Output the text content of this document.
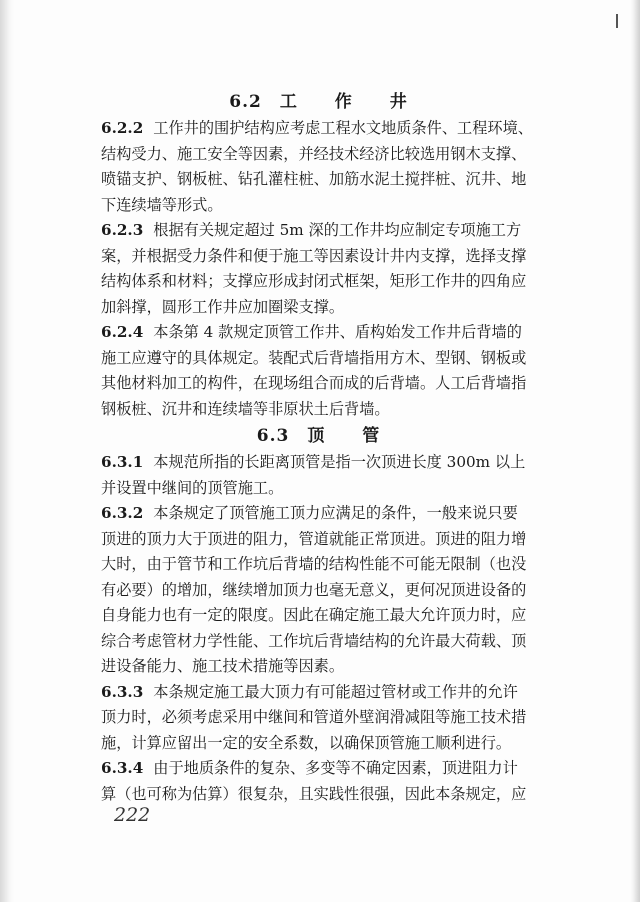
6.2 工 作 井

6.2.2 工作井的围护结构应考虑工程水文地质条件、工程环境、
结构受力、施工安全等因素，并经技术经济比较选用钢木支撑、
喷锚支护、钢板桩、钻孔灌柱桩、加筋水泥土搅拌桩、沉井、地
下连续墙等形式。

6.2.3 根据有关规定超过 5m 深的工作井均应制定专项施工方
案，并根据受力条件和便于施工等因素设计井内支撑，选择支撑
结构体系和材料；支撑应形成封闭式框架，矩形工作井的四角应
加斜撑，圆形工作井应加圈梁支撑。

6.2.4 本条第 4 款规定顶管工作井、盾构始发工作井后背墙的
施工应遵守的具体规定。装配式后背墙指用方木、型钢、钢板或
其他材料加工的构件，在现场组合而成的后背墙。人工后背墙指
钢板桩、沉井和连续墙等非原状土后背墙。

6.3 顶 管

6.3.1 本规范所指的长距离顶管是指一次顶进长度 300m 以上
并设置中继间的顶管施工。

6.3.2 本条规定了顶管施工顶力应满足的条件，一般来说只要
顶进的顶力大于顶进的阻力，管道就能正常顶进。顶进的阻力增
大时，由于管节和工作坑后背墙的结构性能不可能无限制（也没
有必要）的增加，继续增加顶力也毫无意义，更何况顶进设备的
自身能力也有一定的限度。因此在确定施工最大允许顶力时，应
综合考虑管材力学性能、工作坑后背墙结构的允许最大荷载、顶
进设备能力、施工技术措施等因素。

6.3.3 本条规定施工最大顶力有可能超过管材或工作井的允许
顶力时，必须考虑采用中继间和管道外壁润滑减阻等施工技术措
施，计算应留出一定的安全系数，以确保顶管施工顺利进行。

6.3.4 由于地质条件的复杂、多变等不确定因素，顶进阻力计
算（也可称为估算）很复杂，且实践性很强，因此本条规定，应

222
